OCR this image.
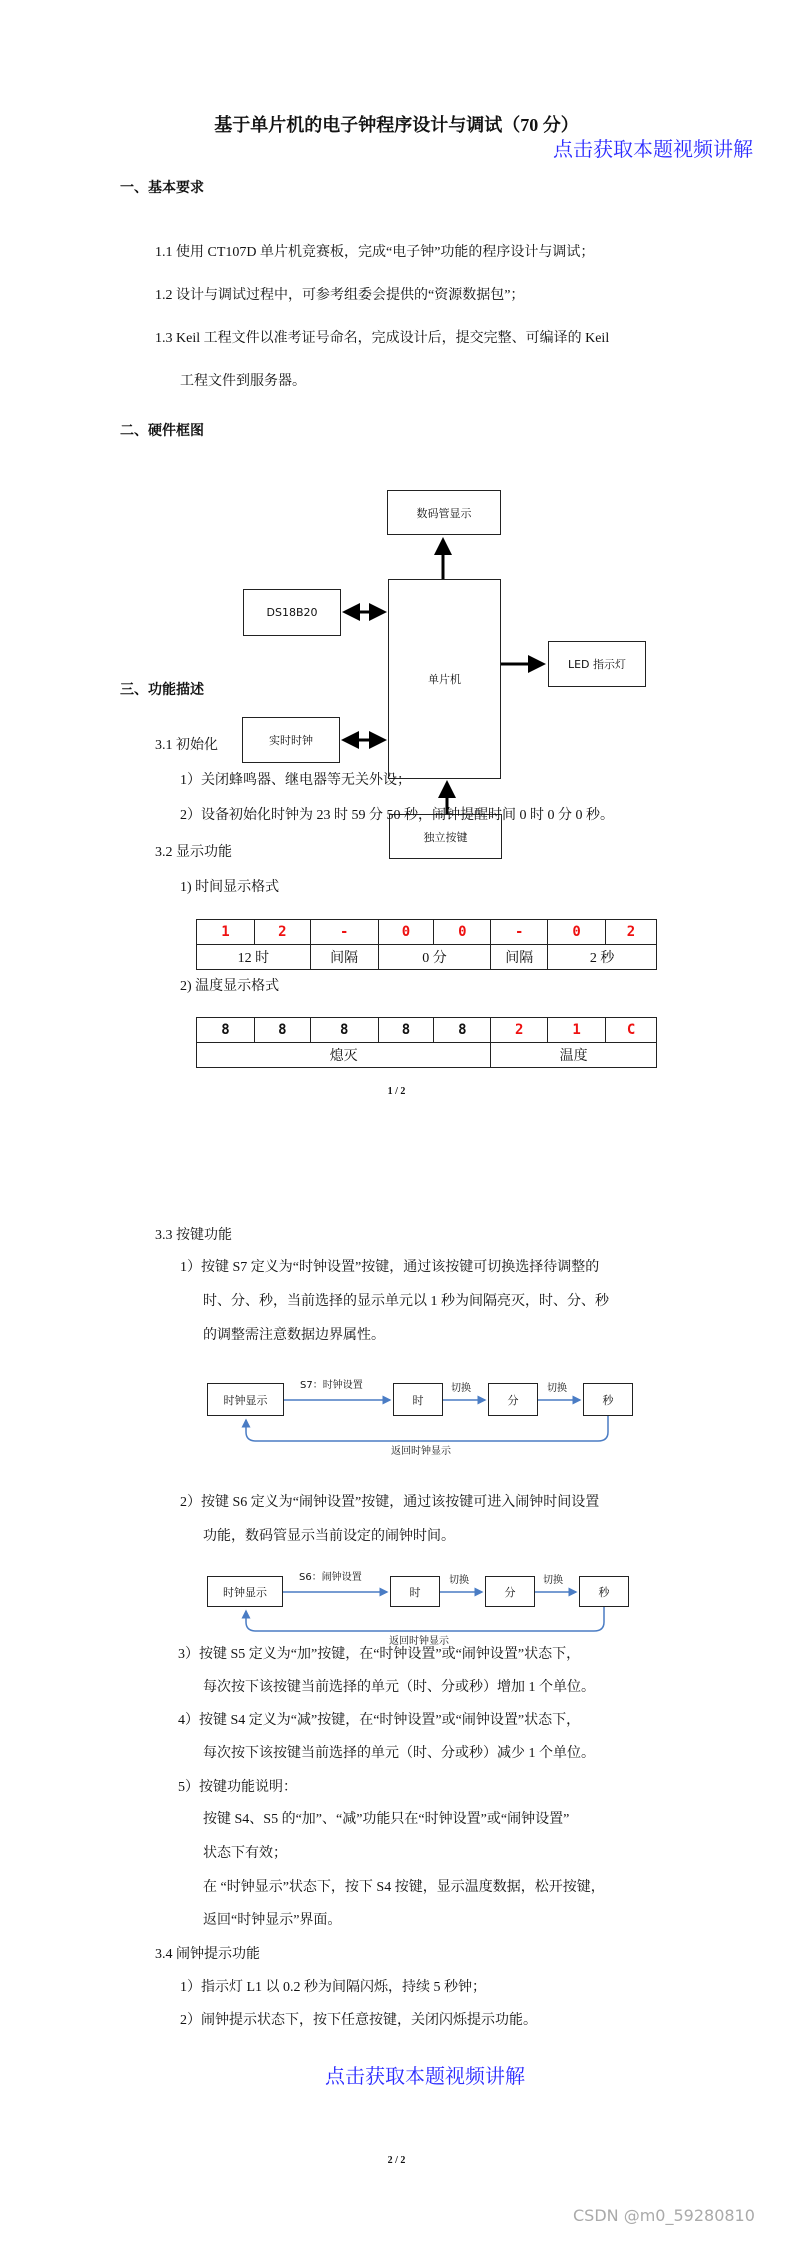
基于单片机的电子钟程序设计与调试（70 分）
点击获取本题视频讲解
一、基本要求
1.1 使用 CT107D 单片机竞赛板，完成“电子钟”功能的程序设计与调试；
1.2 设计与调试过程中，可参考组委会提供的“资源数据包”；
1.3 Keil 工程文件以准考证号命名，完成设计后，提交完整、可编译的 Keil
工程文件到服务器。
二、硬件框图
数码管显示
单片机
DS18B20
LED 指示灯
实时时钟
独立按键
三、功能描述
3.1 初始化
1）关闭蜂鸣器、继电器等无关外设；
2）设备初始化时钟为 23 时 59 分 50 秒，闹钟提醒时间 0 时 0 分 0 秒。
3.2 显示功能
1) 时间显示格式
1	2	-	0	0	-	0	2
12 时		间隔	0 分		间隔	2 秒	
2) 温度显示格式
8	8	8	8	8	2	1	C
熄灭					温度		
1 / 2
3.3 按键功能
1）按键 S7 定义为“时钟设置”按键，通过该按键可切换选择待调整的
时、分、秒，当前选择的显示单元以 1 秒为间隔亮灭，时、分、秒
的调整需注意数据边界属性。
时钟显示
S7：时钟设置
时
切换
分
切换
秒
返回时钟显示
2）按键 S6 定义为“闹钟设置”按键，通过该按键可进入闹钟时间设置
功能，数码管显示当前设定的闹钟时间。
时钟显示
S6：闹钟设置
时
切换
分
切换
秒
返回时钟显示
3）按键 S5 定义为“加”按键，在“时钟设置”或“闹钟设置”状态下，
每次按下该按键当前选择的单元（时、分或秒）增加 1 个单位。
4）按键 S4 定义为“减”按键，在“时钟设置”或“闹钟设置”状态下，
每次按下该按键当前选择的单元（时、分或秒）减少 1 个单位。
5）按键功能说明：
按键 S4、S5 的“加”、“减”功能只在“时钟设置”或“闹钟设置”
状态下有效；
在 “时钟显示”状态下，按下 S4 按键，显示温度数据，松开按键，
返回“时钟显示”界面。
3.4 闹钟提示功能
1）指示灯 L1 以 0.2 秒为间隔闪烁，持续 5 秒钟；
2）闹钟提示状态下，按下任意按键，关闭闪烁提示功能。
点击获取本题视频讲解
2 / 2
CSDN @m0_59280810
